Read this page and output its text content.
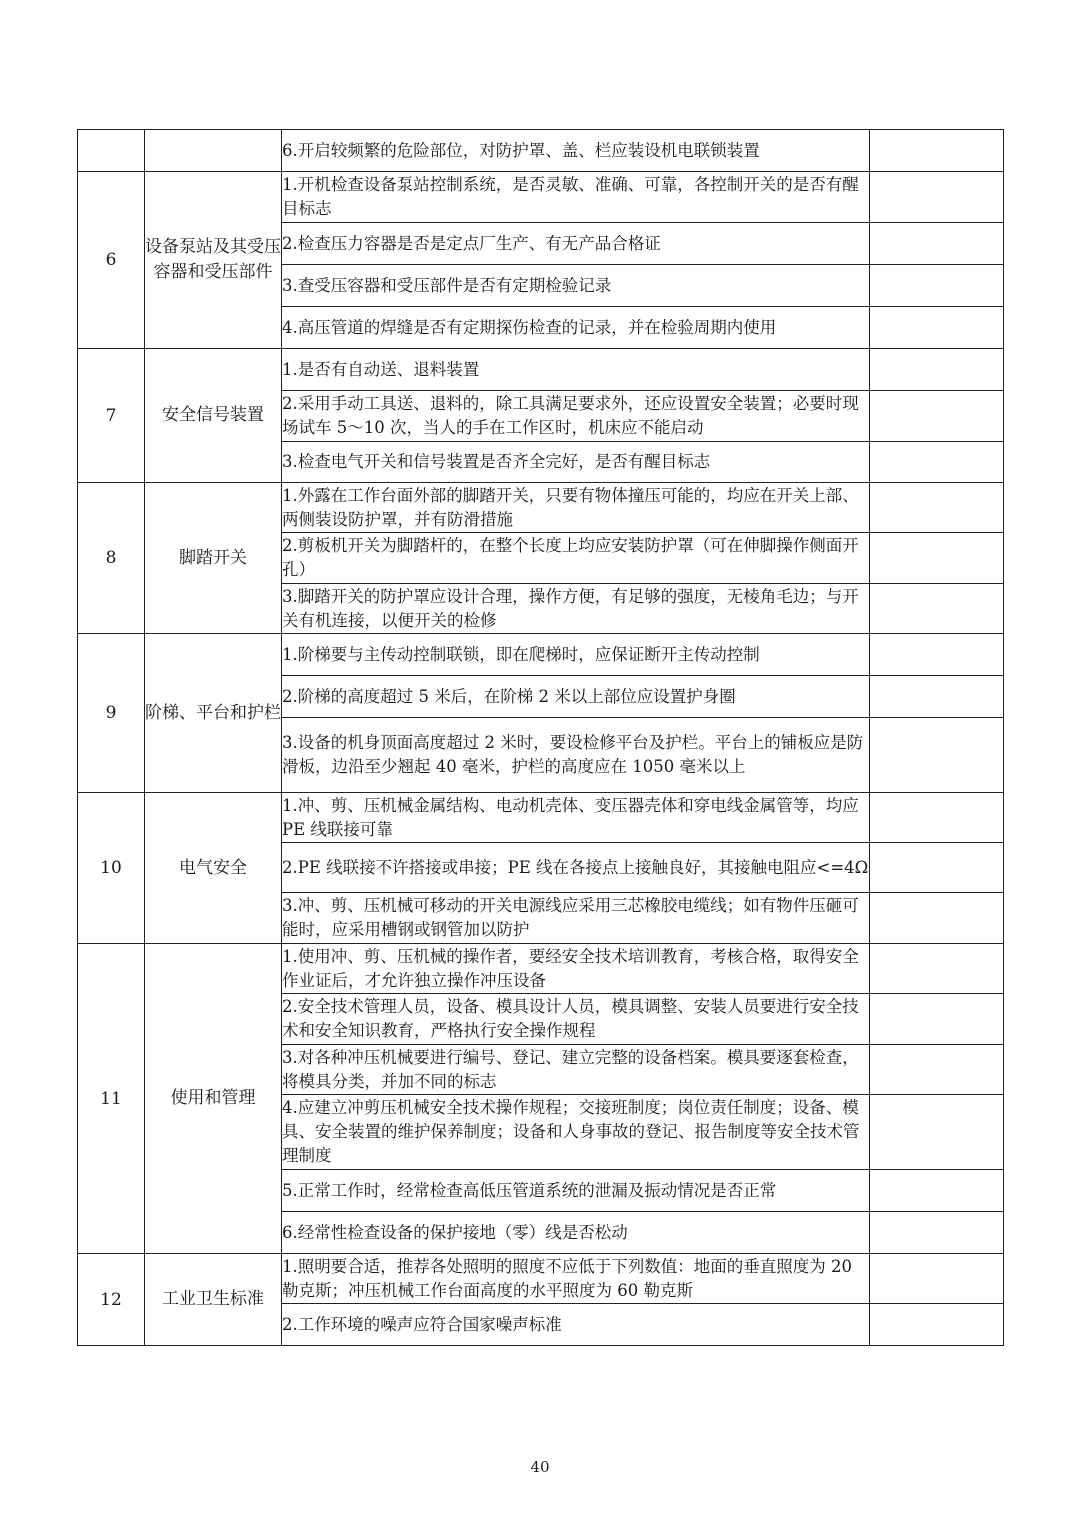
		6.开启较频繁的危险部位，对防护罩、盖、栏应装设机电联锁装置	
6	设备泵站及其受压容器和受压部件	1.开机检查设备泵站控制系统，是否灵敏、准确、可靠，各控制开关的是否有醒目标志	
		2.检查压力容器是否是定点厂生产、有无产品合格证	
		3.查受压容器和受压部件是否有定期检验记录	
		4.高压管道的焊缝是否有定期探伤检查的记录，并在检验周期内使用	
7	安全信号装置	1.是否有自动送、退料装置	
		2.采用手动工具送、退料的，除工具满足要求外，还应设置安全装置；必要时现场试车 5～10 次，当人的手在工作区时，机床应不能启动	
		3.检查电气开关和信号装置是否齐全完好，是否有醒目标志	
8	脚踏开关	1.外露在工作台面外部的脚踏开关，只要有物体撞压可能的，均应在开关上部、两侧装设防护罩，并有防滑措施	
		2.剪板机开关为脚踏杆的，在整个长度上均应安装防护罩（可在伸脚操作侧面开孔）	
		3.脚踏开关的防护罩应设计合理，操作方便，有足够的强度，无棱角毛边；与开关有机连接，以便开关的检修	
9	阶梯、平台和护栏	1.阶梯要与主传动控制联锁，即在爬梯时，应保证断开主传动控制	
		2.阶梯的高度超过 5 米后，在阶梯 2 米以上部位应设置护身圈	
		3.设备的机身顶面高度超过 2 米时，要设检修平台及护栏。平台上的铺板应是防滑板，边沿至少翘起 40 毫米，护栏的高度应在 1050 毫米以上	
10	电气安全	1.冲、剪、压机械金属结构、电动机壳体、变压器壳体和穿电线金属管等，均应 PE 线联接可靠	
		2.PE 线联接不许搭接或串接；PE 线在各接点上接触良好，其接触电阻应<=4Ω	
		3.冲、剪、压机械可移动的开关电源线应采用三芯橡胶电缆线；如有物件压砸可能时，应采用槽钢或钢管加以防护	
11	使用和管理	1.使用冲、剪、压机械的操作者，要经安全技术培训教育，考核合格，取得安全作业证后，才允许独立操作冲压设备	
		2.安全技术管理人员，设备、模具设计人员，模具调整、安装人员要进行安全技术和安全知识教育，严格执行安全操作规程	
		3.对各种冲压机械要进行编号、登记、建立完整的设备档案。模具要逐套检查，将模具分类，并加不同的标志	
		4.应建立冲剪压机械安全技术操作规程；交接班制度；岗位责任制度；设备、模具、安全装置的维护保养制度；设备和人身事故的登记、报告制度等安全技术管理制度	
		5.正常工作时，经常检查高低压管道系统的泄漏及振动情况是否正常	
		6.经常性检查设备的保护接地（零）线是否松动	
12	工业卫生标准	1.照明要合适，推荐各处照明的照度不应低于下列数值：地面的垂直照度为 20 勒克斯；冲压机械工作台面高度的水平照度为 60 勒克斯	
		2.工作环境的噪声应符合国家噪声标准	
40
